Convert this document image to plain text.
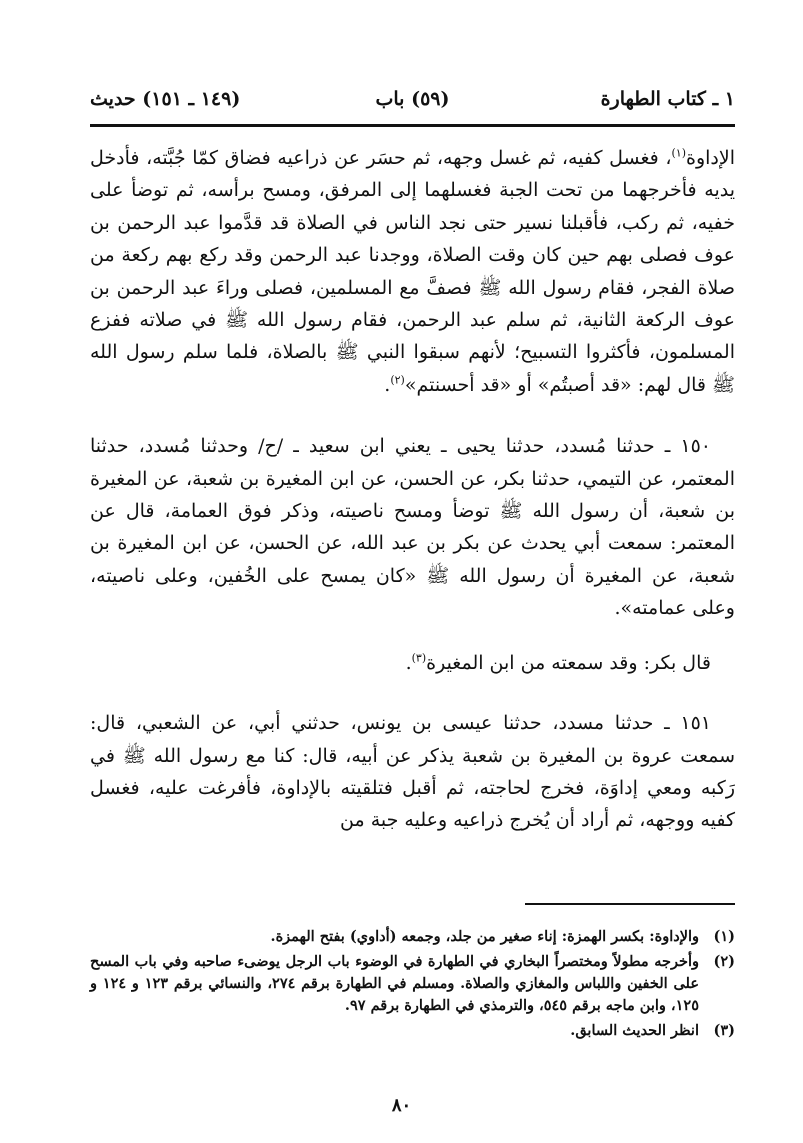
١ ـ كتاب الطهارة
(٥٩) باب
(١٤٩ ـ ١٥١) حديث

الإداوة$^{(١)}$، فغسل كفيه، ثم غسل وجهه، ثم حسَر عن ذراعيه فضاق كمّا جُبَّته، فأدخل يديه فأخرجهما من تحت الجبة فغسلهما إلى المرفق، ومسح برأسه، ثم توضأ على خفيه، ثم ركب، فأقبلنا نسير حتى نجد الناس في الصلاة قد قدَّموا عبد الرحمن بن عوف فصلى بهم حين كان وقت الصلاة، ووجدنا عبد الرحمن وقد ركع بهم ركعة من صلاة الفجر، فقام رسول الله ﷺ فصفَّ مع المسلمين، فصلى وراءَ عبد الرحمن بن عوف الركعة الثانية، ثم سلم عبد الرحمن، فقام رسول الله ﷺ في صلاته ففزع المسلمون، فأكثروا التسبيح؛ لأنهم سبقوا النبي ﷺ بالصلاة، فلما سلم رسول الله ﷺ قال لهم: «قد أصبتُم» أو «قد أحسنتم»$^{(٢)}$.

١٥٠ ـ حدثنا مُسدد، حدثنا يحيى ـ يعني ابن سعيد ـ /ح/ وحدثنا مُسدد، حدثنا المعتمر، عن التيمي، حدثنا بكر، عن الحسن، عن ابن المغيرة بن شعبة، عن المغيرة بن شعبة، أن رسول الله ﷺ توضأ ومسح ناصيته، وذكر فوق العمامة، قال عن المعتمر: سمعت أبي يحدث عن بكر بن عبد الله، عن الحسن، عن ابن المغيرة بن شعبة، عن المغيرة أن رسول الله ﷺ «كان يمسح على الخُفين، وعلى ناصيته، وعلى عمامته».

قال بكر: وقد سمعته من ابن المغيرة$^{(٣)}$.

١٥١ ـ حدثنا مسدد، حدثنا عيسى بن يونس، حدثني أبي، عن الشعبي، قال: سمعت عروة بن المغيرة بن شعبة يذكر عن أبيه، قال: كنا مع رسول الله ﷺ في رَكبه ومعي إداوَة، فخرج لحاجته، ثم أقبل فتلقيته بالإداوة، فأفرغت عليه، فغسل كفيه ووجهه، ثم أراد أن يُخرج ذراعيه وعليه جبة من

(١)
والإداوة: بكسر الهمزة: إناء صغير من جلد، وجمعه (أداوي) بفتح الهمزة.
(٢)
وأخرجه مطولاً ومختصراً البخاري في الطهارة في الوضوء باب الرجل يوضىء صاحبه وفي باب المسح على الخفين واللباس والمغازي والصلاة. ومسلم في الطهارة برقم ٢٧٤، والنسائي برقم ١٢٣ و ١٢٤ و ١٢٥، وابن ماجه برقم ٥٤٥، والترمذي في الطهارة برقم ٩٧.
(٣)
انظر الحديث السابق.
٨٠
